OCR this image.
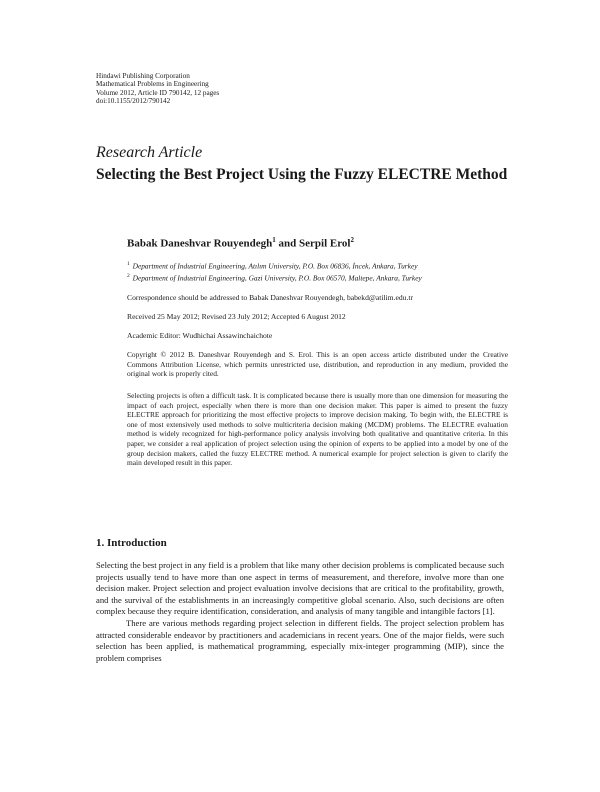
Hindawi Publishing Corporation
Mathematical Problems in Engineering
Volume 2012, Article ID 790142, 12 pages
doi:10.1155/2012/790142
Research Article
Selecting the Best Project Using the Fuzzy ELECTRE Method
Babak Daneshvar Rouyendegh$^1$ and Serpil Erol$^2$
$^1$ Department of Industrial Engineering, Atılım University, P.O. Box 06836, İncek, Ankara, Turkey
$^2$ Department of Industrial Engineering, Gazi University, P.O. Box 06570, Maltepe, Ankara, Turkey
Correspondence should be addressed to Babak Daneshvar Rouyendegh, babekd@atilim.edu.tr
Received 25 May 2012; Revised 23 July 2012; Accepted 6 August 2012
Academic Editor: Wudhichai Assawinchaichote
Copyright © 2012 B. Daneshvar Rouyendegh and S. Erol. This is an open access article distributed under the Creative Commons Attribution License, which permits unrestricted use, distribution, and reproduction in any medium, provided the original work is properly cited.
Selecting projects is often a difficult task. It is complicated because there is usually more than one dimension for measuring the impact of each project, especially when there is more than one decision maker. This paper is aimed to present the fuzzy ELECTRE approach for prioritizing the most effective projects to improve decision making. To begin with, the ELECTRE is one of most extensively used methods to solve multicriteria decision making (MCDM) problems. The ELECTRE evaluation method is widely recognized for high-performance policy analysis involving both qualitative and quantitative criteria. In this paper, we consider a real application of project selection using the opinion of experts to be applied into a model by one of the group decision makers, called the fuzzy ELECTRE method. A numerical example for project selection is given to clarify the main developed result in this paper.
1. Introduction

Selecting the best project in any field is a problem that like many other decision problems is complicated because such projects usually tend to have more than one aspect in terms of measurement, and therefore, involve more than one decision maker. Project selection and project evaluation involve decisions that are critical to the profitability, growth, and the survival of the establishments in an increasingly competitive global scenario. Also, such decisions are often complex because they require identification, consideration, and analysis of many tangible and intangible factors [1].

There are various methods regarding project selection in different fields. The project selection problem has attracted considerable endeavor by practitioners and academicians in recent years. One of the major fields, were such selection has been applied, is mathematical programming, especially mix-integer programming (MIP), since the problem comprises
